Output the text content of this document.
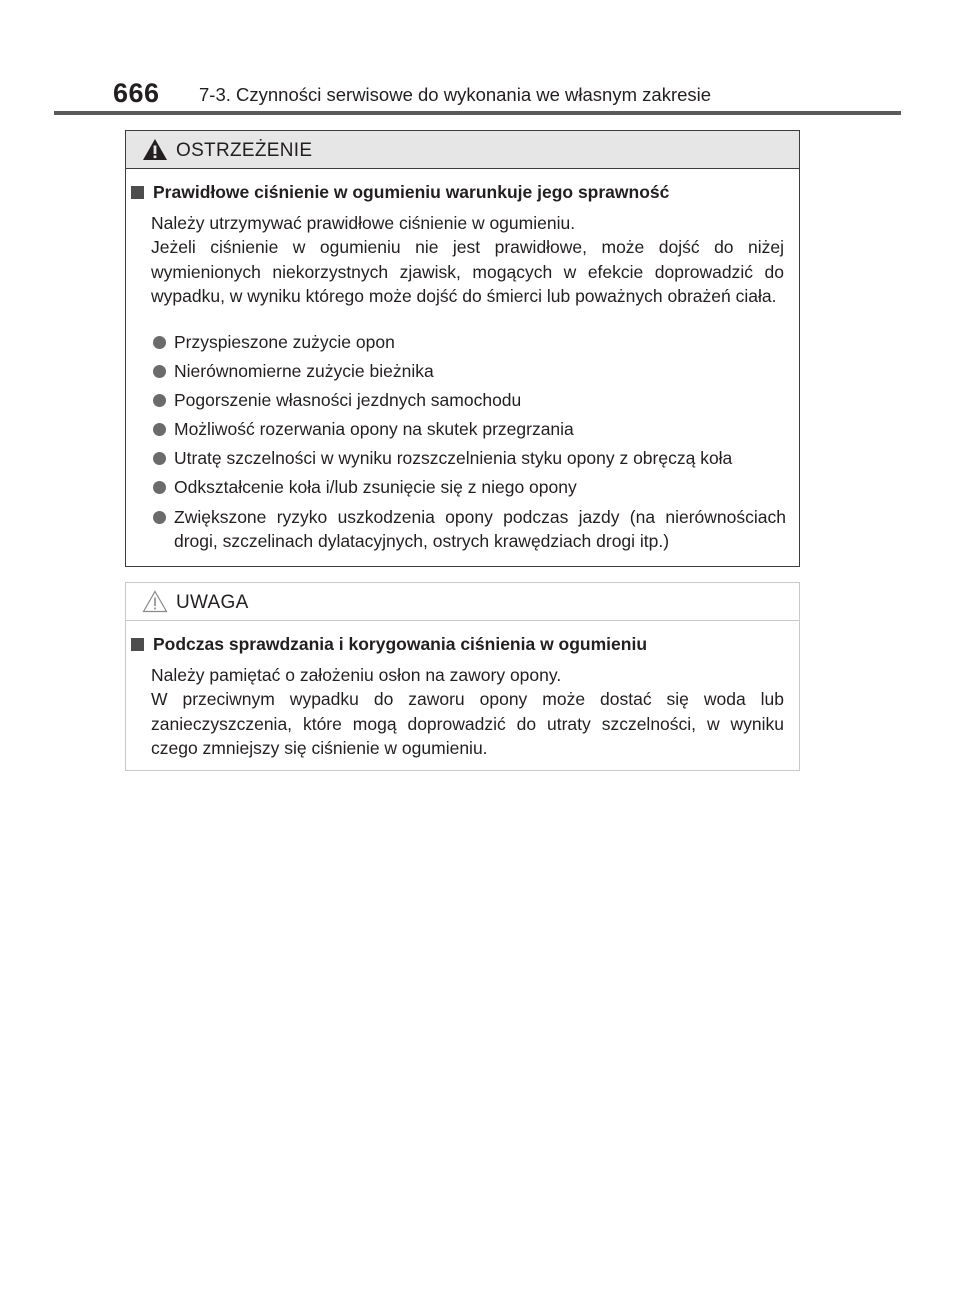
666 7-3. Czynności serwisowe do wykonania we własnym zakresie
OSTRZEŻENIE
Prawidłowe ciśnienie w ogumieniu warunkuje jego sprawność
Należy utrzymywać prawidłowe ciśnienie w ogumieniu.
Jeżeli ciśnienie w ogumieniu nie jest prawidłowe, może dojść do niżej wymienionych niekorzystnych zjawisk, mogących w efekcie doprowadzić do wypadku, w wyniku którego może dojść do śmierci lub poważnych obrażeń ciała.
Przyspieszone zużycie opon
Nierównomierne zużycie bieżnika
Pogorszenie własności jezdnych samochodu
Możliwość rozerwania opony na skutek przegrzania
Utratę szczelności w wyniku rozszczelnienia styku opony z obręczą koła
Odkształcenie koła i/lub zsunięcie się z niego opony
Zwiększone ryzyko uszkodzenia opony podczas jazdy (na nierównościach drogi, szczelinach dylatacyjnych, ostrych krawędziach drogi itp.)
UWAGA
Podczas sprawdzania i korygowania ciśnienia w ogumieniu
Należy pamiętać o założeniu osłon na zawory opony.
W przeciwnym wypadku do zaworu opony może dostać się woda lub zanieczyszczenia, które mogą doprowadzić do utraty szczelności, w wyniku czego zmniejszy się ciśnienie w ogumieniu.
